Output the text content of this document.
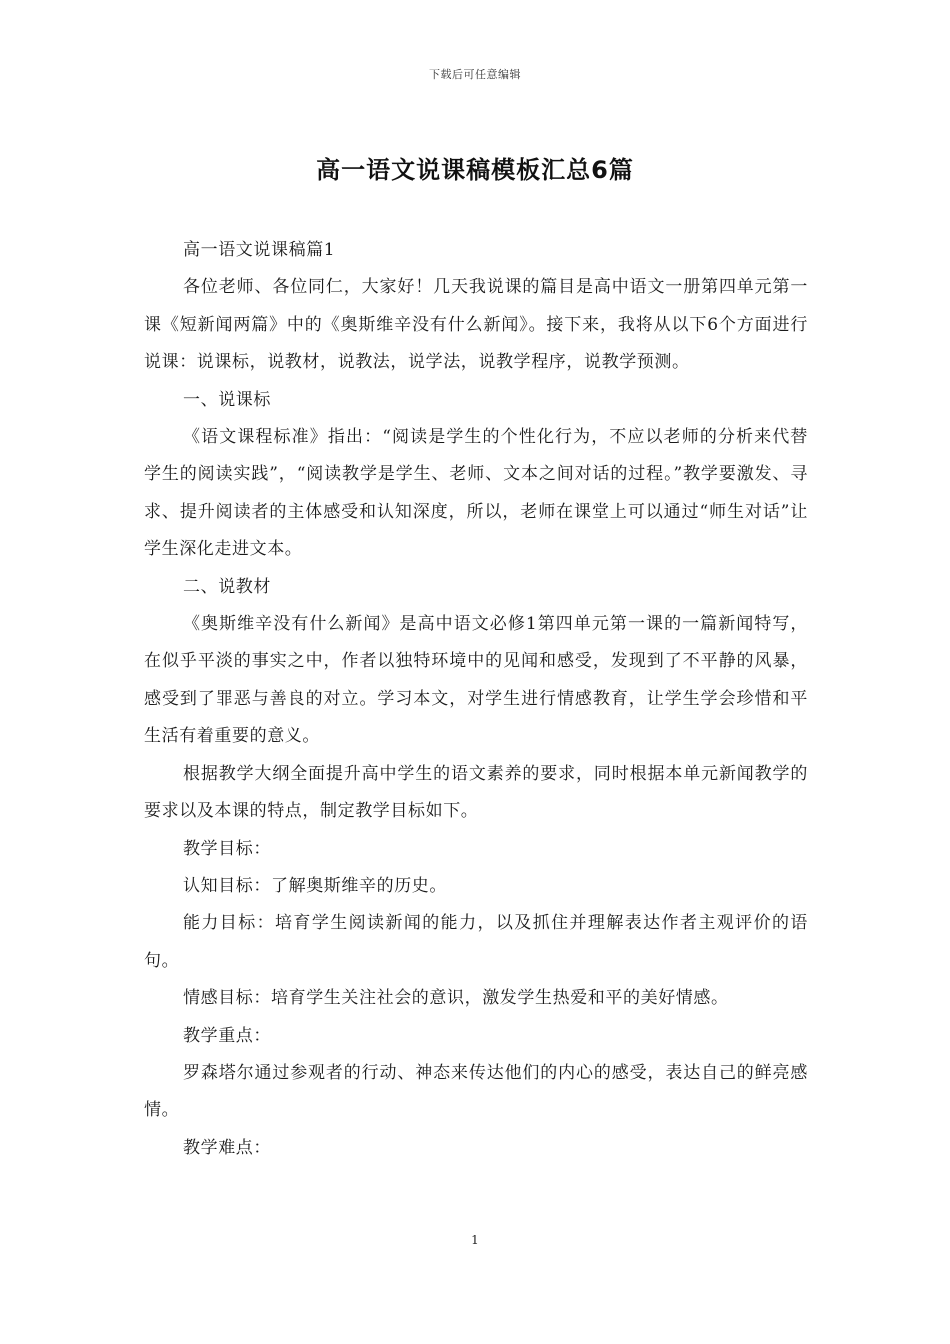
下载后可任意编辑
高一语文说课稿模板汇总6篇

高一语文说课稿篇1

各位老师、各位同仁，大家好！几天我说课的篇目是高中语文一册第四单元第一课《短新闻两篇》中的《奥斯维辛没有什么新闻》。接下来，我将从以下6个方面进行说课：说课标，说教材，说教法，说学法，说教学程序，说教学预测。

一、说课标

《语文课程标准》指出：“阅读是学生的个性化行为，不应以老师的分析来代替学生的阅读实践”，“阅读教学是学生、老师、文本之间对话的过程。”教学要激发、寻求、提升阅读者的主体感受和认知深度，所以，老师在课堂上可以通过“师生对话”让学生深化走进文本。

二、说教材

《奥斯维辛没有什么新闻》是高中语文必修1第四单元第一课的一篇新闻特写，在似乎平淡的事实之中，作者以独特环境中的见闻和感受，发现到了不平静的风暴，感受到了罪恶与善良的对立。学习本文，对学生进行情感教育，让学生学会珍惜和平生活有着重要的意义。

根据教学大纲全面提升高中学生的语文素养的要求，同时根据本单元新闻教学的要求以及本课的特点，制定教学目标如下。

教学目标：

认知目标：了解奥斯维辛的历史。

能力目标：培育学生阅读新闻的能力，以及抓住并理解表达作者主观评价的语句。

情感目标：培育学生关注社会的意识，激发学生热爱和平的美好情感。

教学重点：

罗森塔尔通过参观者的行动、神态来传达他们的内心的感受，表达自己的鲜亮感情。

教学难点：

1
